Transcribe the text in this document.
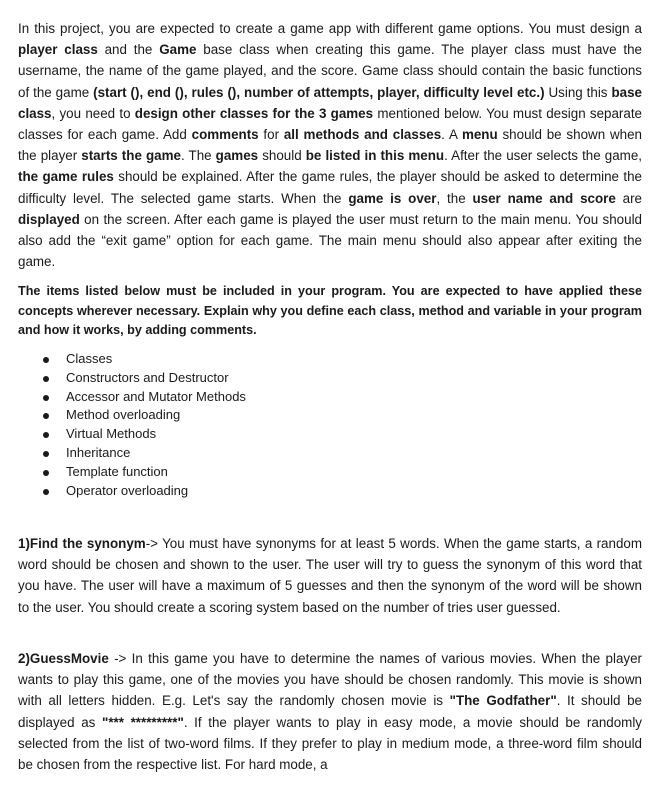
In this project, you are expected to create a game app with different game options. You must design a player class and the Game base class when creating this game. The player class must have the username, the name of the game played, and the score. Game class should contain the basic functions of the game (start (), end (), rules (), number of attempts, player, difficulty level etc.) Using this base class, you need to design other classes for the 3 games mentioned below. You must design separate classes for each game. Add comments for all methods and classes. A menu should be shown when the player starts the game. The games should be listed in this menu. After the user selects the game, the game rules should be explained. After the game rules, the player should be asked to determine the difficulty level. The selected game starts. When the game is over, the user name and score are displayed on the screen. After each game is played the user must return to the main menu. You should also add the “exit game” option for each game. The main menu should also appear after exiting the game.

The items listed below must be included in your program. You are expected to have applied these concepts wherever necessary. Explain why you define each class, method and variable in your program and how it works, by adding comments.

Classes
Constructors and Destructor
Accessor and Mutator Methods
Method overloading
Virtual Methods
Inheritance
Template function
Operator overloading

1)Find the synonym-> You must have synonyms for at least 5 words. When the game starts, a random word should be chosen and shown to the user. The user will try to guess the synonym of this word that you have. The user will have a maximum of 5 guesses and then the synonym of the word will be shown to the user. You should create a scoring system based on the number of tries user guessed.

2)GuessMovie -> In this game you have to determine the names of various movies. When the player wants to play this game, one of the movies you have should be chosen randomly. This movie is shown with all letters hidden. E.g. Let's say the randomly chosen movie is "The Godfather". It should be displayed as "*** *********". If the player wants to play in easy mode, a movie should be randomly selected from the list of two-word films. If they prefer to play in medium mode, a three-word film should be chosen from the respective list. For hard mode, a
